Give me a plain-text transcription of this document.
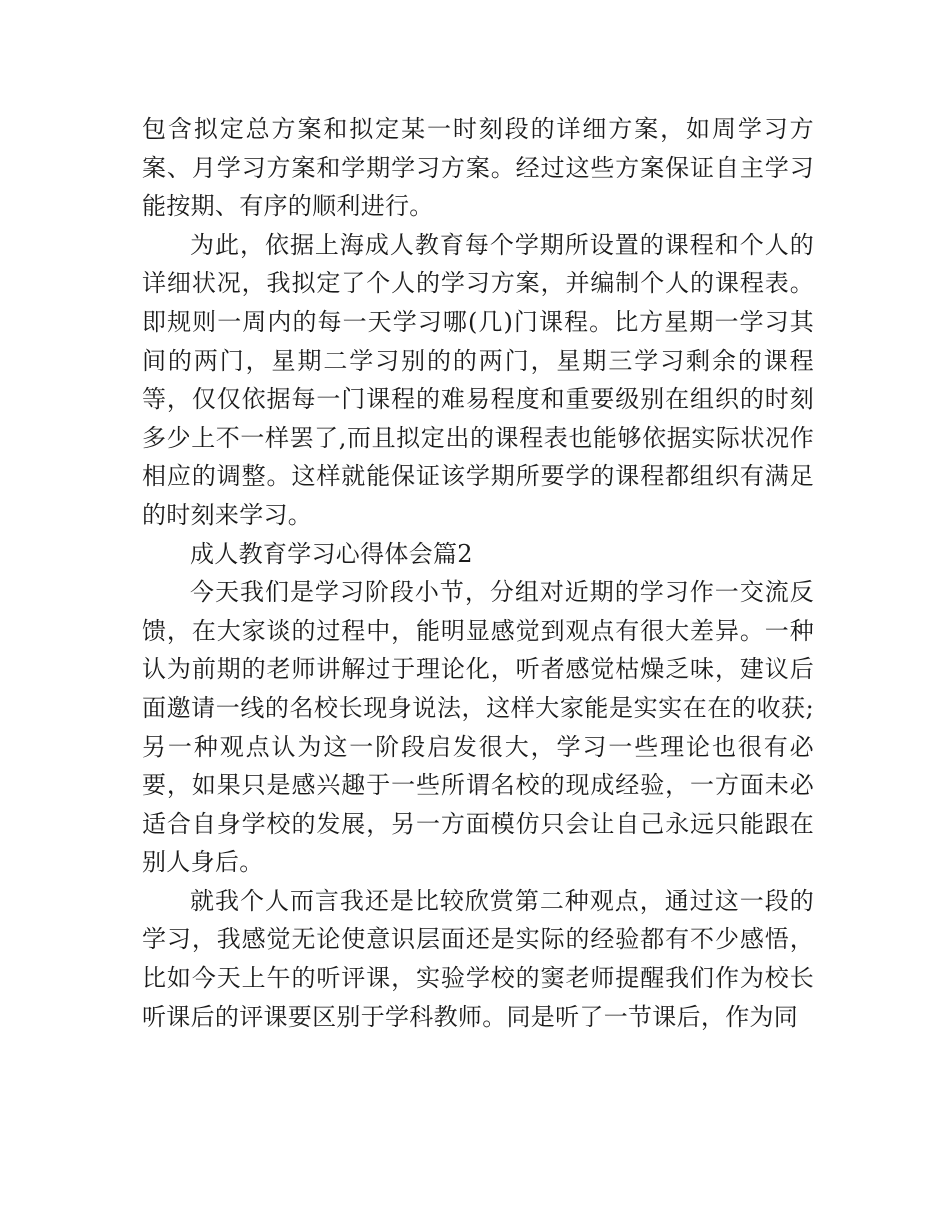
包含拟定总方案和拟定某一时刻段的详细方案，如周学习方案、月学习方案和学期学习方案。经过这些方案保证自主学习能按期、有序的顺利进行。

为此，依据上海成人教育每个学期所设置的课程和个人的详细状况，我拟定了个人的学习方案，并编制个人的课程表。即规则一周内的每一天学习哪(几)门课程。比方星期一学习其间的两门，星期二学习别的的两门，星期三学习剩余的课程等，仅仅依据每一门课程的难易程度和重要级别在组织的时刻多少上不一样罢了,而且拟定出的课程表也能够依据实际状况作相应的调整。这样就能保证该学期所要学的课程都组织有满足的时刻来学习。

成人教育学习心得体会篇2

今天我们是学习阶段小节，分组对近期的学习作一交流反馈，在大家谈的过程中，能明显感觉到观点有很大差异。一种认为前期的老师讲解过于理论化，听者感觉枯燥乏味，建议后面邀请一线的名校长现身说法，这样大家能是实实在在的收获;另一种观点认为这一阶段启发很大，学习一些理论也很有必要，如果只是感兴趣于一些所谓名校的现成经验，一方面未必适合自身学校的发展，另一方面模仿只会让自己永远只能跟在别人身后。

就我个人而言我还是比较欣赏第二种观点，通过这一段的学习，我感觉无论使意识层面还是实际的经验都有不少感悟，比如今天上午的听评课，实验学校的窦老师提醒我们作为校长听课后的评课要区别于学科教师。同是听了一节课后，作为同
